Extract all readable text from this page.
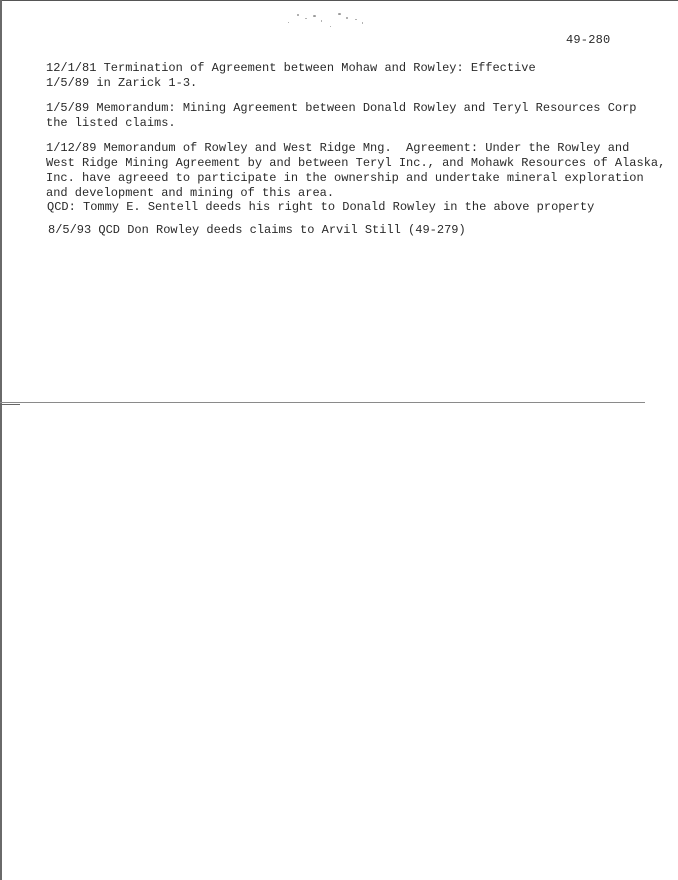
49-280
12/1/81 Termination of Agreement between Mohaw and Rowley: Effective
1/5/89 in Zarick 1-3.
1/5/89 Memorandum: Mining Agreement between Donald Rowley and Teryl Resources Corp
the listed claims.
1/12/89 Memorandum of Rowley and West Ridge Mng.  Agreement: Under the Rowley and
West Ridge Mining Agreement by and between Teryl Inc., and Mohawk Resources of Alaska,
Inc. have agreeed to participate in the ownership and undertake mineral exploration
and development and mining of this area.
QCD: Tommy E. Sentell deeds his right to Donald Rowley in the above property
8/5/93 QCD Don Rowley deeds claims to Arvil Still (49-279)
